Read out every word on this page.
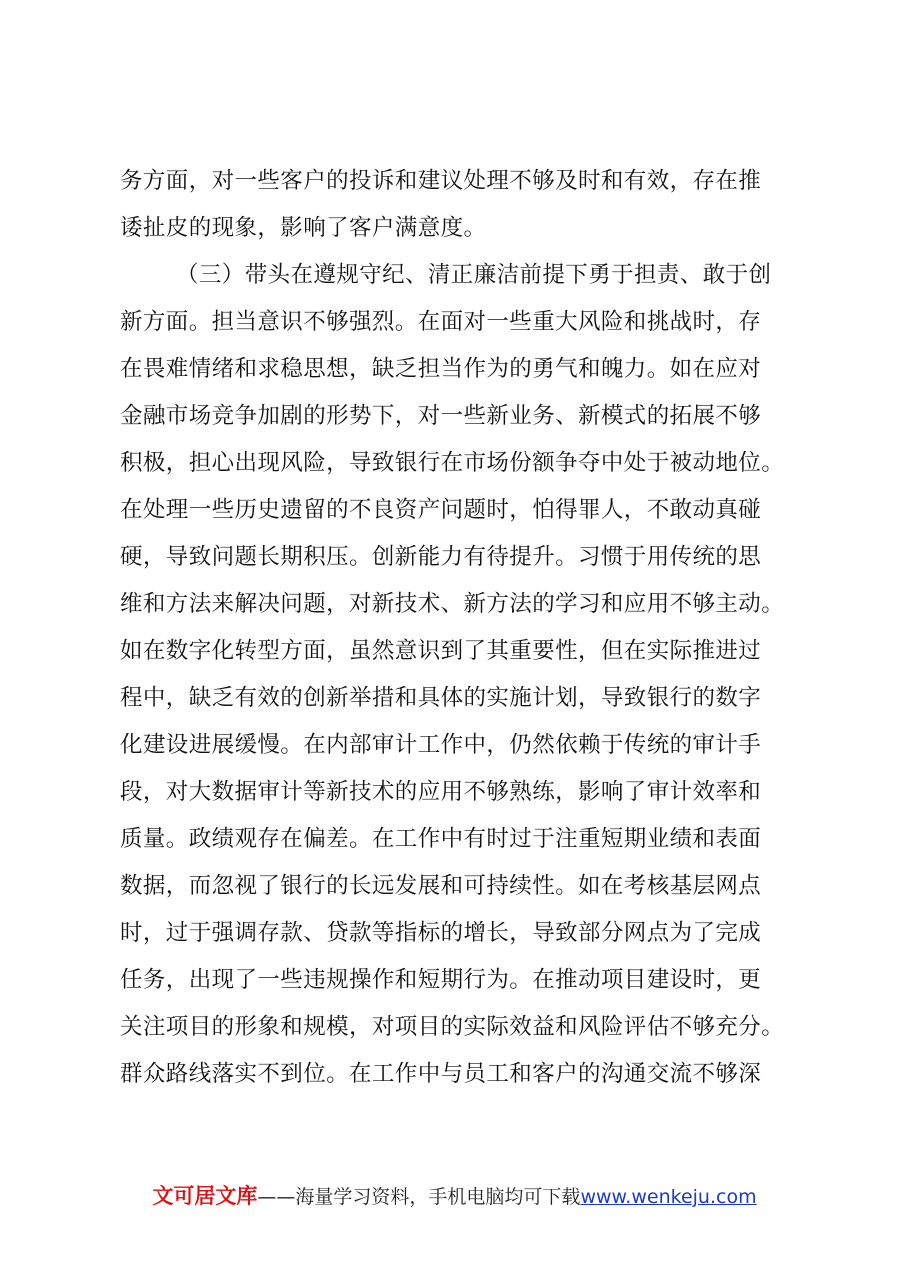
务方面，对一些客户的投诉和建议处理不够及时和有效，存在推
诿扯皮的现象，影响了客户满意度。
（三）带头在遵规守纪、清正廉洁前提下勇于担责、敢于创
新方面。担当意识不够强烈。在面对一些重大风险和挑战时，存
在畏难情绪和求稳思想，缺乏担当作为的勇气和魄力。如在应对
金融市场竞争加剧的形势下，对一些新业务、新模式的拓展不够
积极，担心出现风险，导致银行在市场份额争夺中处于被动地位。
在处理一些历史遗留的不良资产问题时，怕得罪人，不敢动真碰
硬，导致问题长期积压。创新能力有待提升。习惯于用传统的思
维和方法来解决问题，对新技术、新方法的学习和应用不够主动。
如在数字化转型方面，虽然意识到了其重要性，但在实际推进过
程中，缺乏有效的创新举措和具体的实施计划，导致银行的数字
化建设进展缓慢。在内部审计工作中，仍然依赖于传统的审计手
段，对大数据审计等新技术的应用不够熟练，影响了审计效率和
质量。政绩观存在偏差。在工作中有时过于注重短期业绩和表面
数据，而忽视了银行的长远发展和可持续性。如在考核基层网点
时，过于强调存款、贷款等指标的增长，导致部分网点为了完成
任务，出现了一些违规操作和短期行为。在推动项目建设时，更
关注项目的形象和规模，对项目的实际效益和风险评估不够充分。
群众路线落实不到位。在工作中与员工和客户的沟通交流不够深
文可居文库——海量学习资料，手机电脑均可下载www.wenkeju.com
